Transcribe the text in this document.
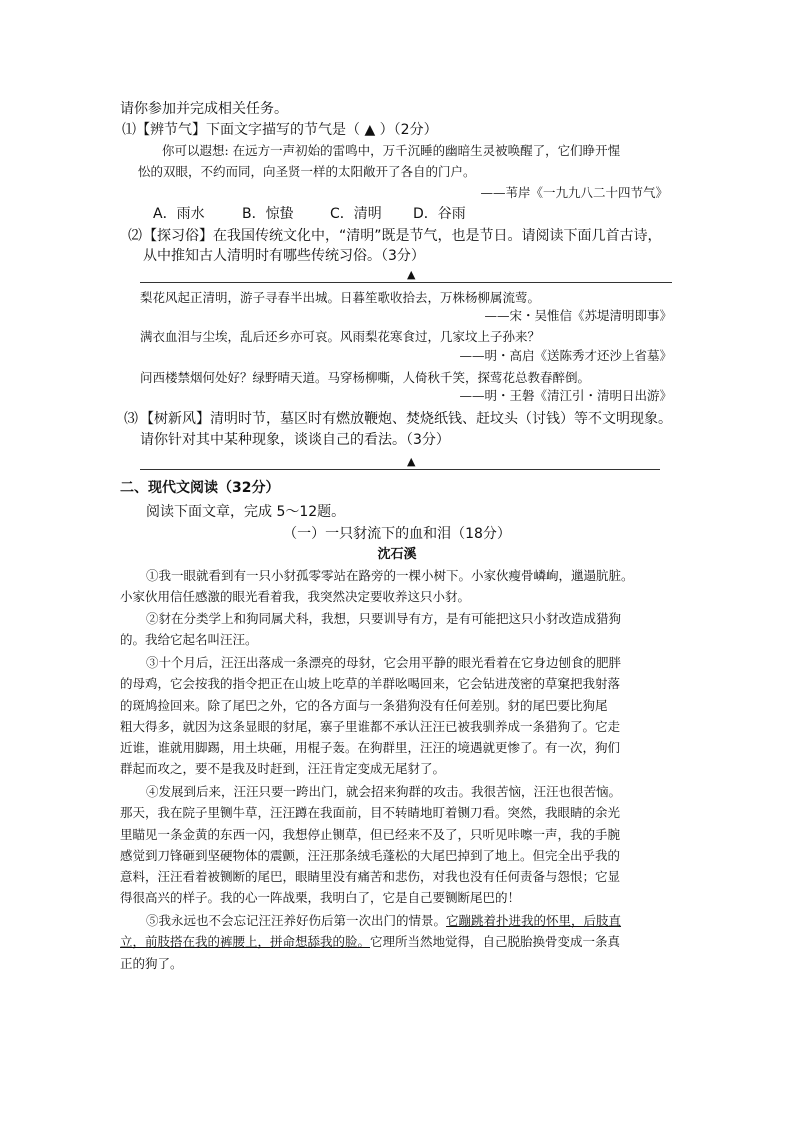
请你参加并完成相关任务。
⑴ 【辨节气】下面文字描写的节气是（ ▲ ）（2分）
你可以遐想: 在远方一声初始的雷鸣中，万千沉睡的幽暗生灵被唤醒了，它们睁开惺
忪的双眼，不约而同，向圣贤一样的太阳敞开了各自的门户。
——苇岸《一九九八二十四节气》
A．雨水	B．惊蛰	C．清明 D．谷雨
⑵ 【探习俗】在我国传统文化中，“清明”既是节气，也是节日。请阅读下面几首古诗，
从中推知古人清明时有哪些传统习俗。（3分）
▲
梨花风起正清明，游子寻春半出城。日暮笙歌收拾去，万株杨柳属流莺。
——宋・吴惟信《苏堤清明即事》
满衣血泪与尘埃，乱后还乡亦可哀。风雨梨花寒食过，几家坟上子孙来？
——明・高启《送陈秀才还沙上省墓》
问西楼禁烟何处好？绿野晴天道。马穿杨柳嘶，人倚秋千笑，探莺花总教春醉倒。
——明・王磐《清江引・清明日出游》
⑶ 【树新风】清明时节，墓区时有燃放鞭炮、焚烧纸钱、赶坟头（讨钱）等不文明现象。
请你针对其中某种现象，谈谈自己的看法。（3分）
▲
二、现代文阅读（32分）
阅读下面文章，完成 5～12题。
（一）一只豺流下的血和泪（18分）
沈石溪
①我一眼就看到有一只小豺孤零零站在路旁的一棵小树下。小家伙瘦骨嶙峋，邋遢肮脏。
小家伙用信任感激的眼光看着我，我突然决定要收养这只小豺。
②豺在分类学上和狗同属犬科，我想，只要训导有方，是有可能把这只小豺改造成猎狗
的。我给它起名叫汪汪。
③十个月后，汪汪出落成一条漂亮的母豺，它会用平静的眼光看着在它身边刨食的肥胖
的母鸡，它会按我的指令把正在山坡上吃草的羊群吆喝回来，它会钻进茂密的草窠把我射落
的斑鸠捡回来。除了尾巴之外，它的各方面与一条猎狗没有任何差别。豺的尾巴要比狗尾
粗大得多，就因为这条显眼的豺尾，寨子里谁都不承认汪汪已被我驯养成一条猎狗了。它走
近谁，谁就用脚踢，用土块砸，用棍子轰。在狗群里，汪汪的境遇就更惨了。有一次，狗们
群起而攻之，要不是我及时赶到，汪汪肯定变成无尾豺了。
④发展到后来，汪汪只要一跨出门，就会招来狗群的攻击。我很苦恼，汪汪也很苦恼。
那天，我在院子里铡牛草，汪汪蹲在我面前，目不转睛地盯着铡刀看。突然，我眼睛的余光
里瞄见一条金黄的东西一闪，我想停止铡草，但已经来不及了，只听见咔嚓一声，我的手腕
感觉到刀锋砸到坚硬物体的震颤，汪汪那条绒毛蓬松的大尾巴掉到了地上。但完全出乎我的
意料，汪汪看着被铡断的尾巴，眼睛里没有痛苦和悲伤，对我也没有任何责备与怨恨；它显
得很高兴的样子。我的心一阵战栗，我明白了，它是自己要铡断尾巴的！
⑤我永远也不会忘记汪汪养好伤后第一次出门的情景。它蹦跳着扑进我的怀里，后肢直
立，前肢搭在我的裤腰上，拼命想舔我的脸。它理所当然地觉得，自己脱胎换骨变成一条真
正的狗了。
